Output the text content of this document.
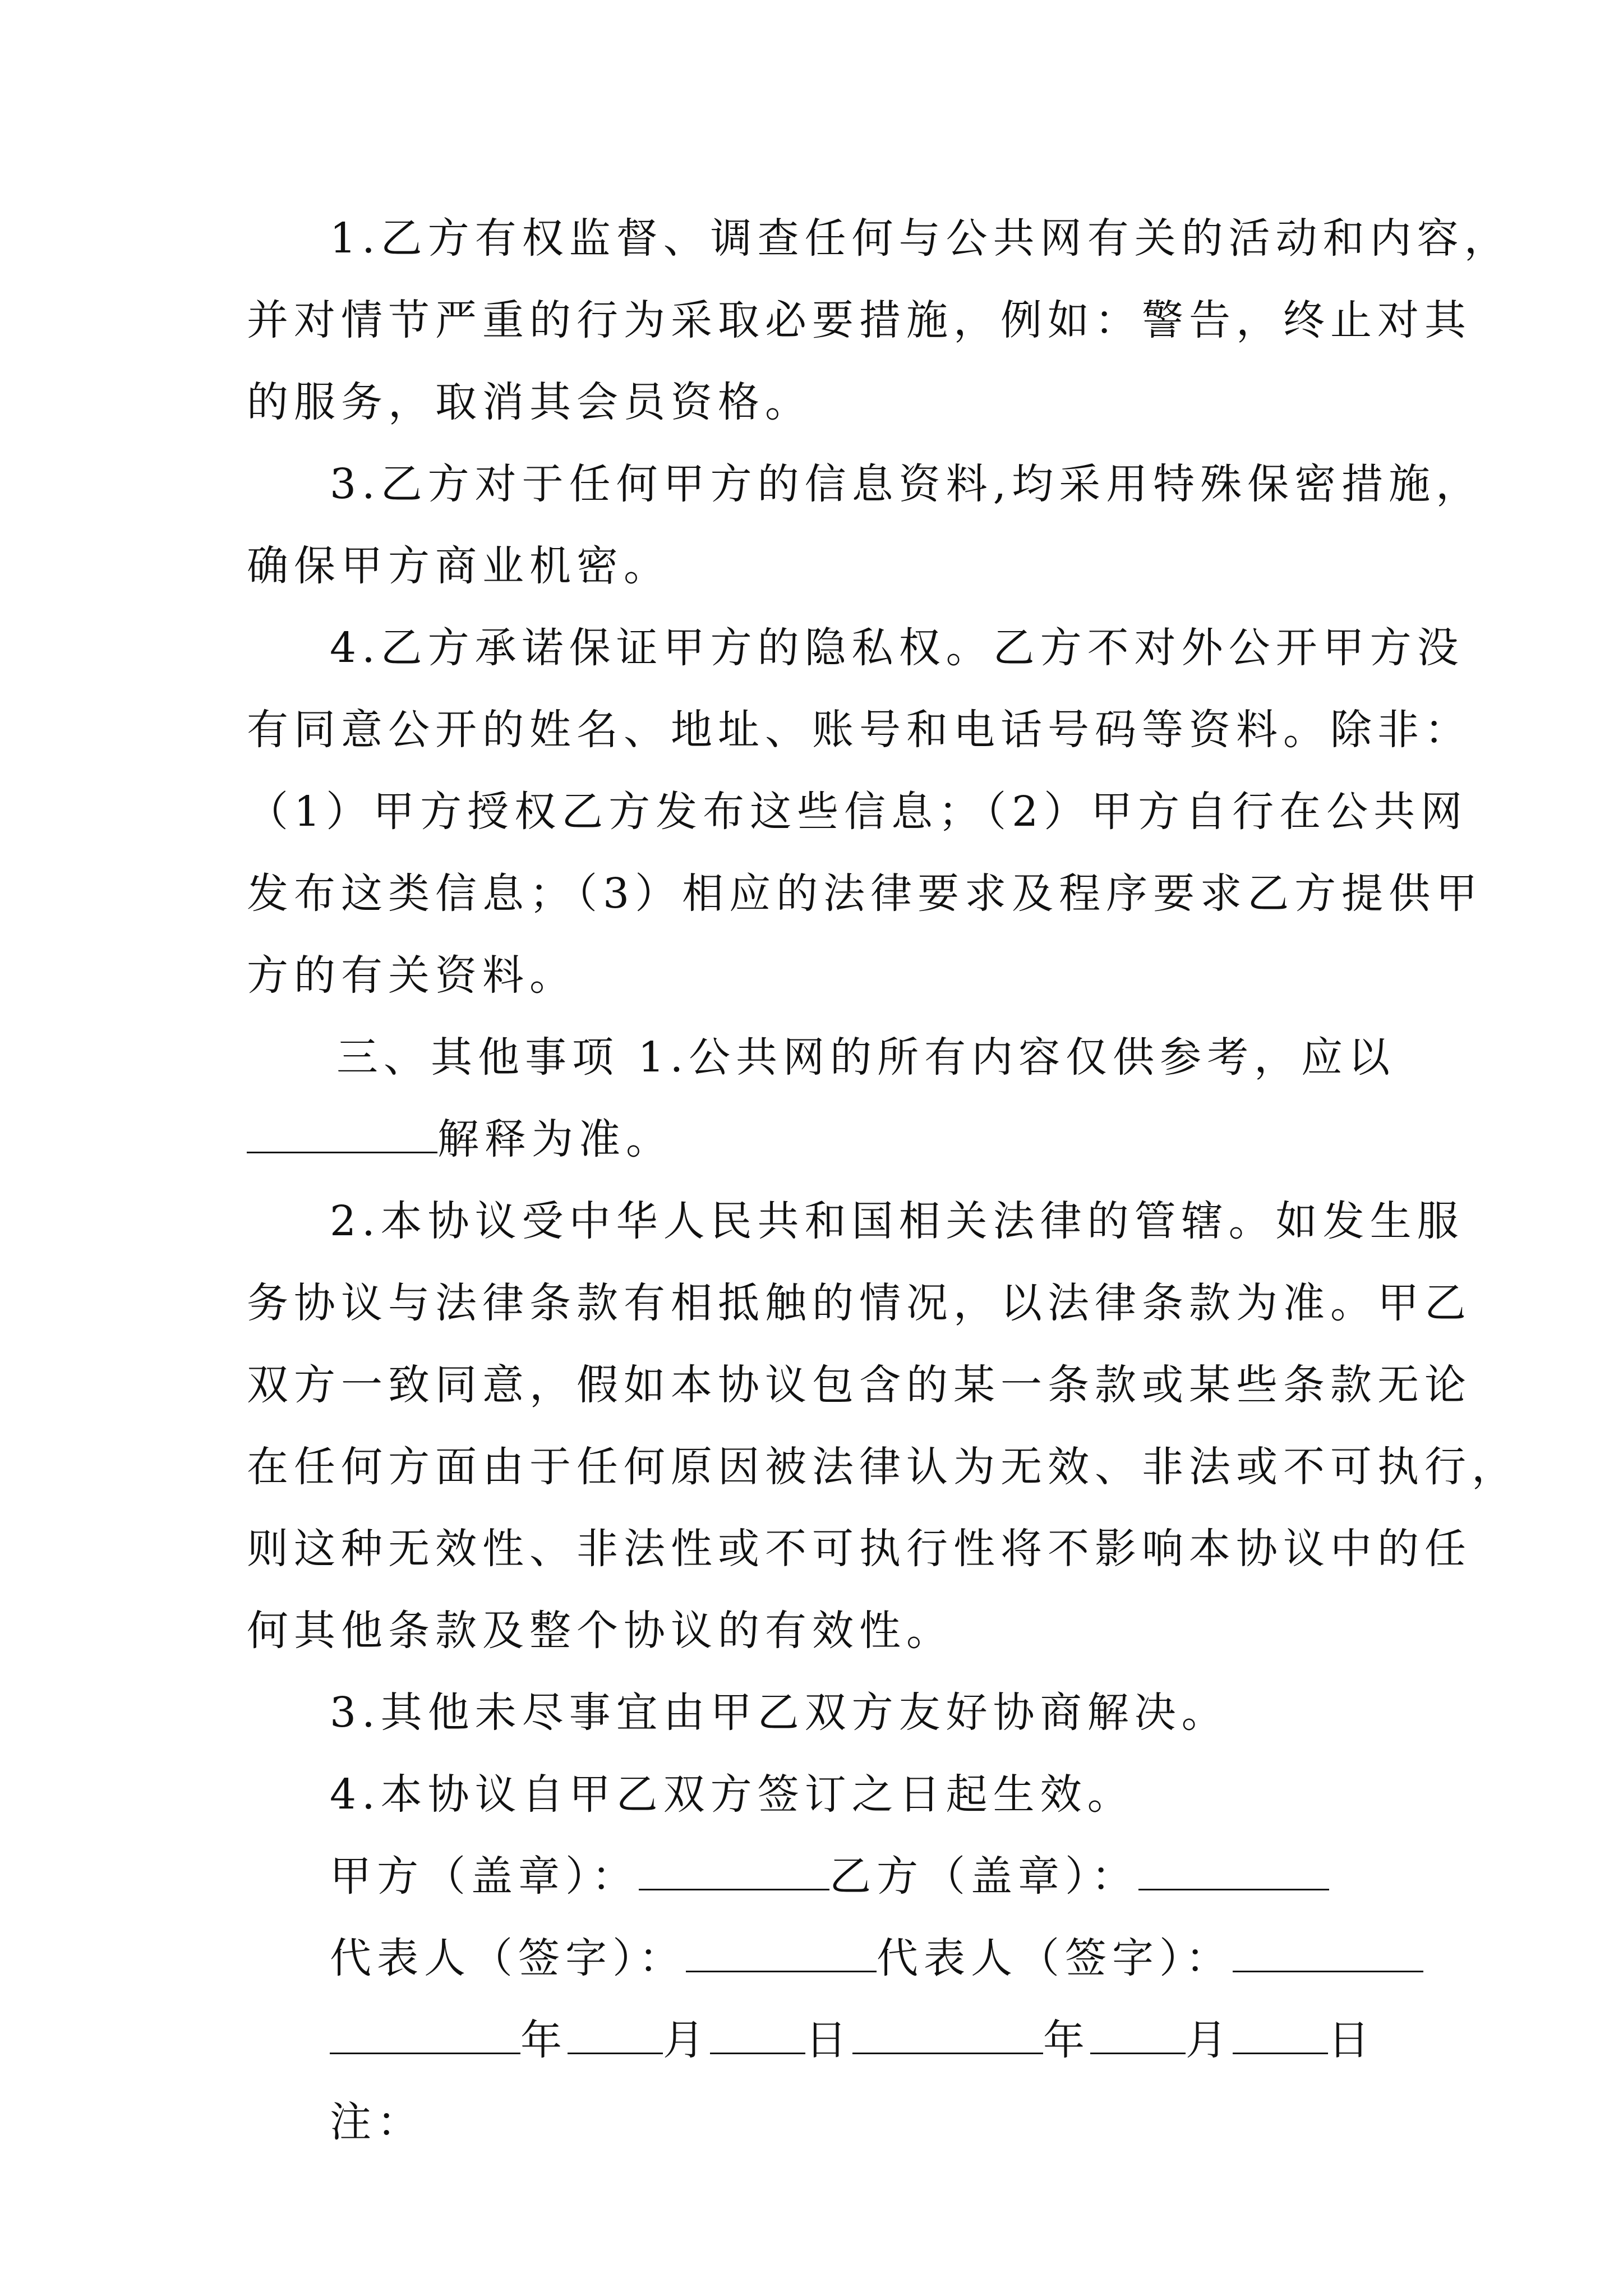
1.乙方有权监督、调查任何与公共网有关的活动和内容，
并对情节严重的行为采取必要措施，例如：警告，终止对其
的服务，取消其会员资格。
3.乙方对于任何甲方的信息资料,均采用特殊保密措施，
确保甲方商业机密。
4.乙方承诺保证甲方的隐私权。乙方不对外公开甲方没
有同意公开的姓名、地址、账号和电话号码等资料。除非：
（1）甲方授权乙方发布这些信息；（2）甲方自行在公共网
发布这类信息；（3）相应的法律要求及程序要求乙方提供甲
方的有关资料。
三、其他事项 1.公共网的所有内容仅供参考，应以
解释为准。
2.本协议受中华人民共和国相关法律的管辖。如发生服
务协议与法律条款有相抵触的情况，以法律条款为准。甲乙
双方一致同意，假如本协议包含的某一条款或某些条款无论
在任何方面由于任何原因被法律认为无效、非法或不可执行，
则这种无效性、非法性或不可执行性将不影响本协议中的任
何其他条款及整个协议的有效性。
3.其他未尽事宜由甲乙双方友好协商解决。
4.本协议自甲乙双方签订之日起生效。
甲方（盖章）：	乙方（盖章）：
代表人（签字）：	代表人（签字）：
年 月 日	年 月 日
注：
